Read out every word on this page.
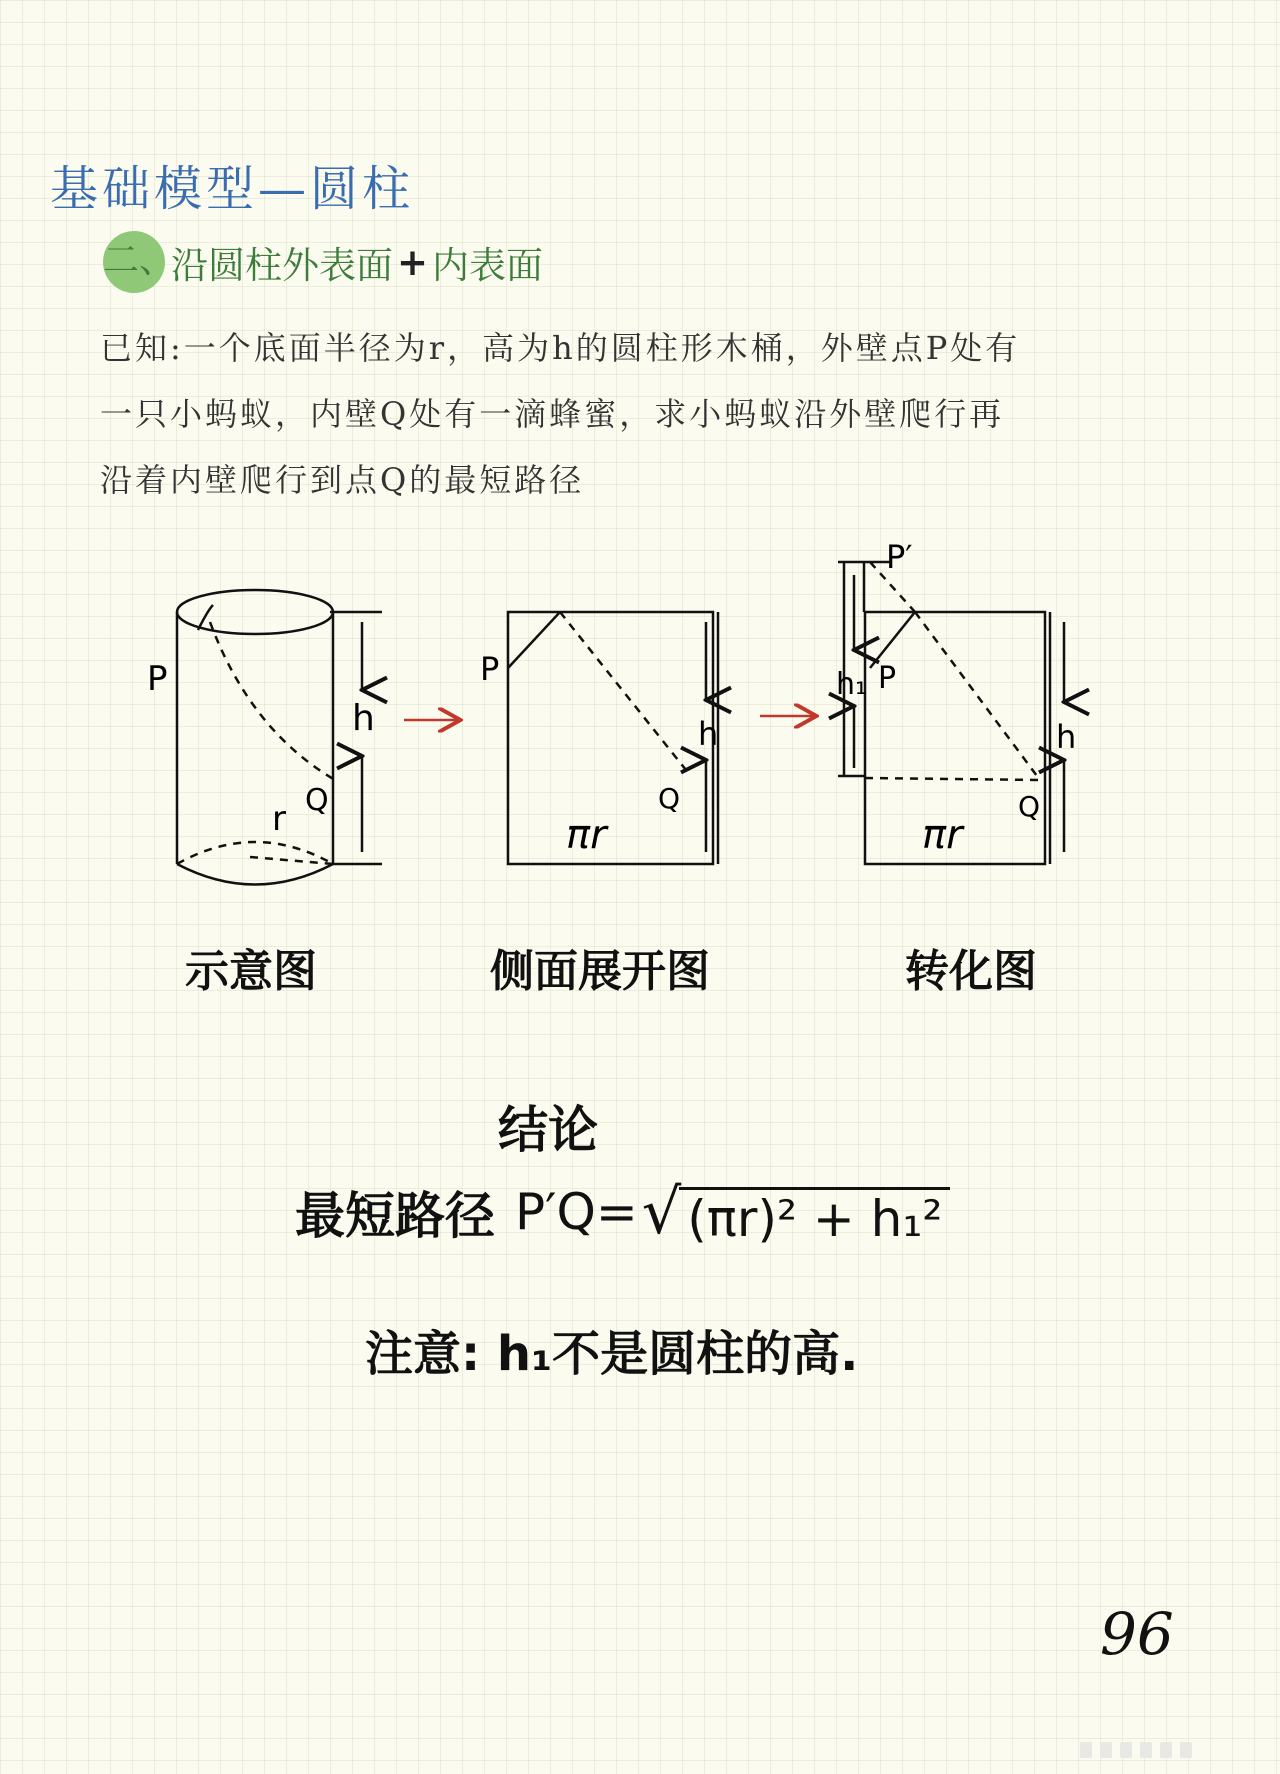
基础模型—圆柱
二、
沿圆柱外表面 + 内表面

已知:一个底面半径为r，高为h的圆柱形木桶，外壁点P处有

一只小蚂蚁，内壁Q处有一滴蜂蜜，求小蚂蚁沿外壁爬行再

沿着内壁爬行到点Q的最短路径

P
h
Q
r
P
Q
h
πr
P′
P
h₁
Q
h
πr
示意图	侧面展开图	转化图
结论
最短路径 P′Q= √ (πr)² + h₁²
注意: h₁不是圆柱的高.
96
